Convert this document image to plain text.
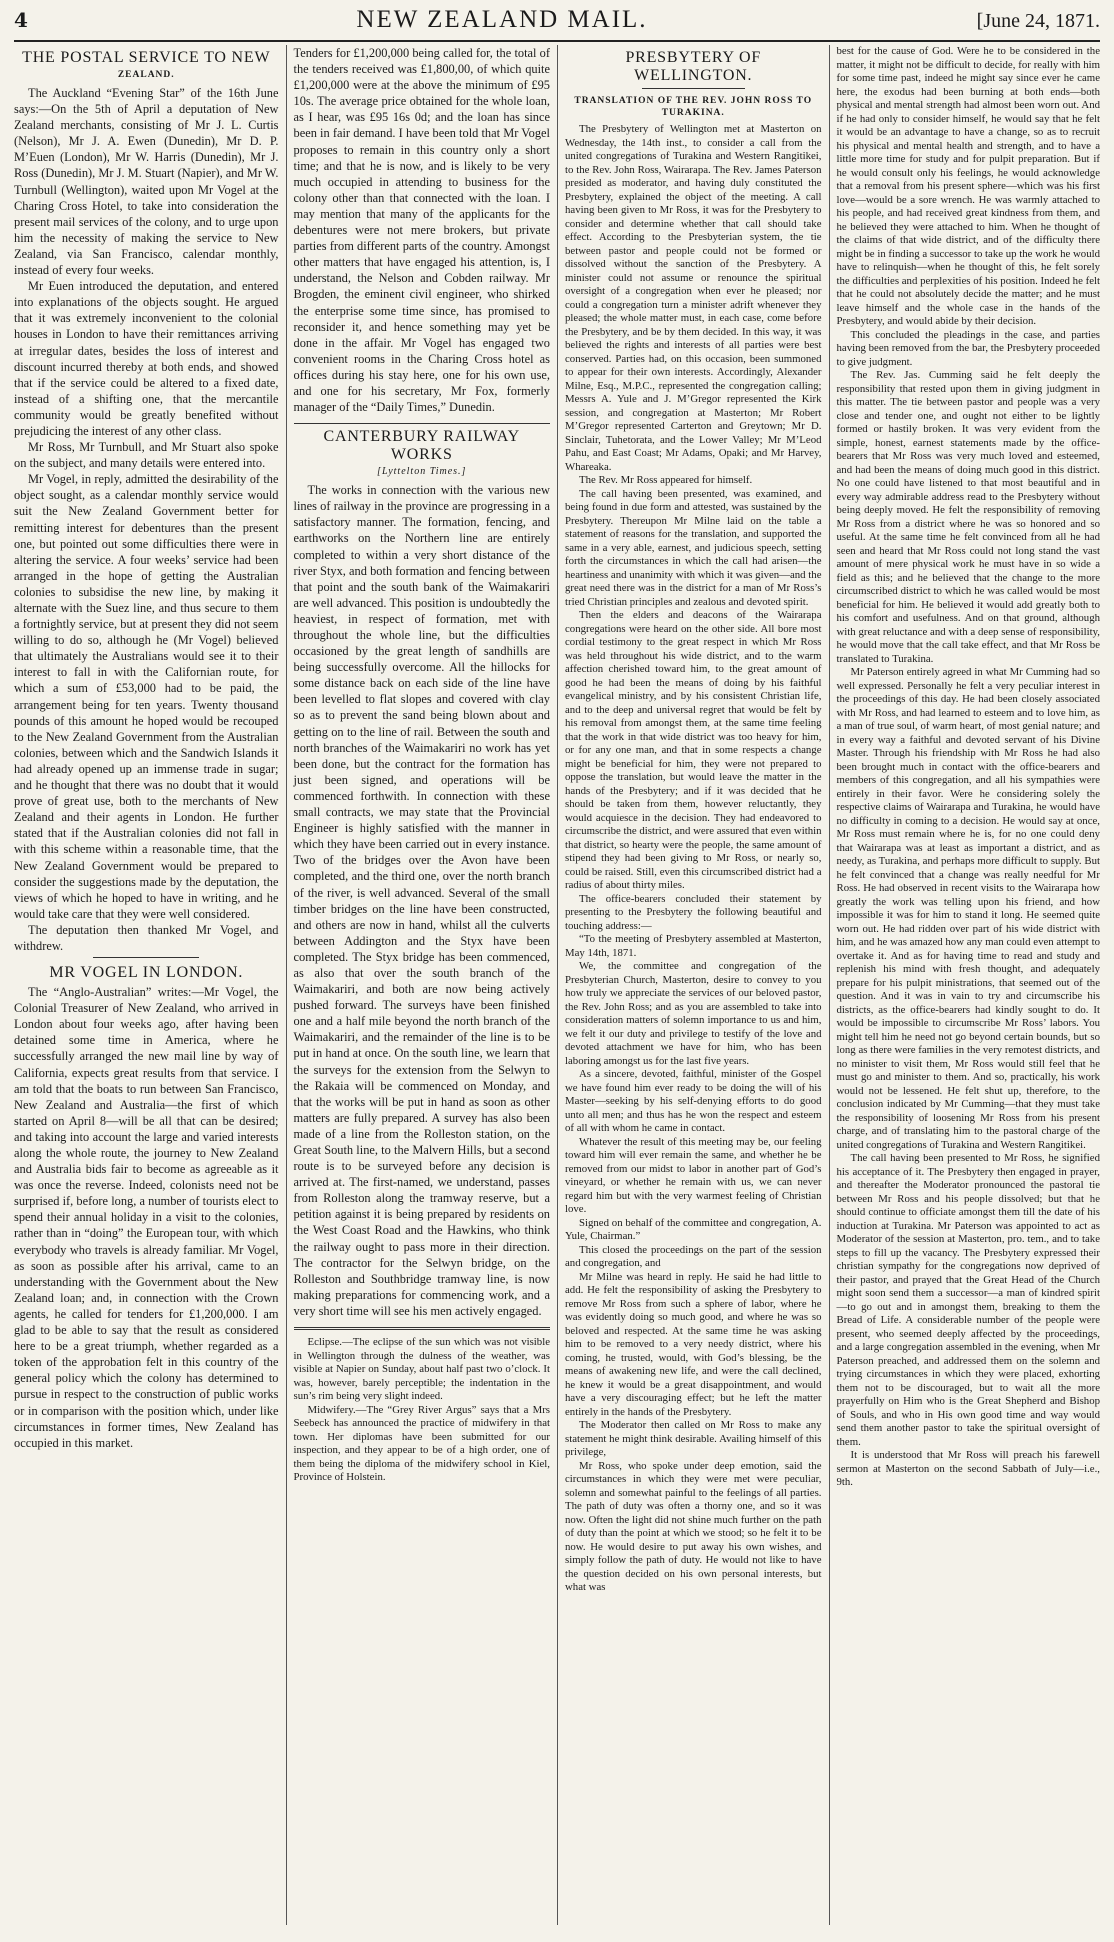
4	NEW ZEALAND MAIL.	[June 24, 1871.
THE POSTAL SERVICE TO NEW
ZEALAND.

The Auckland “Evening Star” of the 16th June says:—On the 5th of April a deputation of New Zealand merchants, consisting of Mr J. L. Curtis (Nelson), Mr J. A. Ewen (Dunedin), Mr D. P. M’Euen (London), Mr W. Harris (Dunedin), Mr J. Ross (Dunedin), Mr J. M. Stuart (Napier), and Mr W. Turnbull (Wellington), waited upon Mr Vogel at the Charing Cross Hotel, to take into consideration the present mail services of the colony, and to urge upon him the necessity of making the service to New Zealand, via San Francisco, calendar monthly, instead of every four weeks.

Mr Euen introduced the deputation, and entered into explanations of the objects sought. He argued that it was extremely inconvenient to the colonial houses in London to have their remittances arriving at irregular dates, besides the loss of interest and discount incurred thereby at both ends, and showed that if the service could be altered to a fixed date, instead of a shifting one, that the mercantile community would be greatly benefited without prejudicing the interest of any other class.

Mr Ross, Mr Turnbull, and Mr Stuart also spoke on the subject, and many details were entered into.

Mr Vogel, in reply, admitted the desirability of the object sought, as a calendar monthly service would suit the New Zealand Government better for remitting interest for debentures than the present one, but pointed out some difficulties there were in altering the service. A four weeks’ service had been arranged in the hope of getting the Australian colonies to subsidise the new line, by making it alternate with the Suez line, and thus secure to them a fortnightly service, but at present they did not seem willing to do so, although he (Mr Vogel) believed that ultimately the Australians would see it to their interest to fall in with the Californian route, for which a sum of £53,000 had to be paid, the arrangement being for ten years. Twenty thousand pounds of this amount he hoped would be recouped to the New Zealand Government from the Australian colonies, between which and the Sandwich Islands it had already opened up an immense trade in sugar; and he thought that there was no doubt that it would prove of great use, both to the merchants of New Zealand and their agents in London. He further stated that if the Australian colonies did not fall in with this scheme within a reasonable time, that the New Zealand Government would be prepared to consider the suggestions made by the deputation, the views of which he hoped to have in writing, and he would take care that they were well considered.

The deputation then thanked Mr Vogel, and withdrew.

MR VOGEL IN LONDON.

The “Anglo-Australian” writes:—Mr Vogel, the Colonial Treasurer of New Zealand, who arrived in London about four weeks ago, after having been detained some time in America, where he successfully arranged the new mail line by way of California, expects great results from that service. I am told that the boats to run between San Francisco, New Zealand and Australia—the first of which started on April 8—will be all that can be desired; and taking into account the large and varied interests along the whole route, the journey to New Zealand and Australia bids fair to become as agreeable as it was once the reverse. Indeed, colonists need not be surprised if, before long, a number of tourists elect to spend their annual holiday in a visit to the colonies, rather than in “doing” the European tour, with which everybody who travels is already familiar. Mr Vogel, as soon as possible after his arrival, came to an understanding with the Government about the New Zealand loan; and, in connection with the Crown agents, he called for tenders for £1,200,000. I am glad to be able to say that the result as considered here to be a great triumph, whether regarded as a token of the approbation felt in this country of the general policy which the colony has determined to pursue in respect to the construction of public works or in comparison with the position which, under like circumstances in former times, New Zealand has occupied in this market.

Tenders for £1,200,000 being called for, the total of the tenders received was £1,800,00, of which quite £1,200,000 were at the above the minimum of £95 10s. The average price obtained for the whole loan, as I hear, was £95 16s 0d; and the loan has since been in fair demand. I have been told that Mr Vogel proposes to remain in this country only a short time; and that he is now, and is likely to be very much occupied in attending to business for the colony other than that connected with the loan. I may mention that many of the applicants for the debentures were not mere brokers, but private parties from different parts of the country. Amongst other matters that have engaged his attention, is, I understand, the Nelson and Cobden railway. Mr Brogden, the eminent civil engineer, who shirked the enterprise some time since, has promised to reconsider it, and hence something may yet be done in the affair. Mr Vogel has engaged two convenient rooms in the Charing Cross hotel as offices during his stay here, one for his own use, and one for his secretary, Mr Fox, formerly manager of the “Daily Times,” Dunedin.

CANTERBURY RAILWAY WORKS
[Lyttelton Times.]

The works in connection with the various new lines of railway in the province are progressing in a satisfactory manner. The formation, fencing, and earthworks on the Northern line are entirely completed to within a very short distance of the river Styx, and both formation and fencing between that point and the south bank of the Waimakariri are well advanced. This position is undoubtedly the heaviest, in respect of formation, met with throughout the whole line, but the difficulties occasioned by the great length of sandhills are being successfully overcome. All the hillocks for some distance back on each side of the line have been levelled to flat slopes and covered with clay so as to prevent the sand being blown about and getting on to the line of rail. Between the south and north branches of the Waimakariri no work has yet been done, but the contract for the formation has just been signed, and operations will be commenced forthwith. In connection with these small contracts, we may state that the Provincial Engineer is highly satisfied with the manner in which they have been carried out in every instance. Two of the bridges over the Avon have been completed, and the third one, over the north branch of the river, is well advanced. Several of the small timber bridges on the line have been constructed, and others are now in hand, whilst all the culverts between Addington and the Styx have been completed. The Styx bridge has been commenced, as also that over the south branch of the Waimakariri, and both are now being actively pushed forward. The surveys have been finished one and a half mile beyond the north branch of the Waimakariri, and the remainder of the line is to be put in hand at once. On the south line, we learn that the surveys for the extension from the Selwyn to the Rakaia will be commenced on Monday, and that the works will be put in hand as soon as other matters are fully prepared. A survey has also been made of a line from the Rolleston station, on the Great South line, to the Malvern Hills, but a second route is to be surveyed before any decision is arrived at. The first-named, we understand, passes from Rolleston along the tramway reserve, but a petition against it is being prepared by residents on the West Coast Road and the Hawkins, who think the railway ought to pass more in their direction. The contractor for the Selwyn bridge, on the Rolleston and Southbridge tramway line, is now making preparations for commencing work, and a very short time will see his men actively engaged.

Eclipse.—The eclipse of the sun which was not visible in Wellington through the dulness of the weather, was visible at Napier on Sunday, about half past two o’clock. It was, however, barely perceptible; the indentation in the sun’s rim being very slight indeed.

Midwifery.—The “Grey River Argus” says that a Mrs Seebeck has announced the practice of midwifery in that town. Her diplomas have been submitted for our inspection, and they appear to be of a high order, one of them being the diploma of the midwifery school in Kiel, Province of Holstein.

PRESBYTERY OF WELLINGTON.
TRANSLATION OF THE REV. JOHN ROSS TO TURAKINA.

The Presbytery of Wellington met at Masterton on Wednesday, the 14th inst., to consider a call from the united congregations of Turakina and Western Rangitikei, to the Rev. John Ross, Wairarapa. The Rev. James Paterson presided as moderator, and having duly constituted the Presbytery, explained the object of the meeting. A call having been given to Mr Ross, it was for the Presbytery to consider and determine whether that call should take effect. According to the Presbyterian system, the tie between pastor and people could not be formed or dissolved without the sanction of the Presbytery. A minister could not assume or renounce the spiritual oversight of a congregation when ever he pleased; nor could a congregation turn a minister adrift whenever they pleased; the whole matter must, in each case, come before the Presbytery, and be by them decided. In this way, it was believed the rights and interests of all parties were best conserved. Parties had, on this occasion, been summoned to appear for their own interests. Accordingly, Alexander Milne, Esq., M.P.C., represented the congregation calling; Messrs A. Yule and J. M’Gregor represented the Kirk session, and congregation at Masterton; Mr Robert M’Gregor represented Carterton and Greytown; Mr D. Sinclair, Tuhetorata, and the Lower Valley; Mr M’Leod Pahu, and East Coast; Mr Adams, Opaki; and Mr Harvey, Whareaka.

The Rev. Mr Ross appeared for himself.

The call having been presented, was examined, and being found in due form and attested, was sustained by the Presbytery. Thereupon Mr Milne laid on the table a statement of reasons for the translation, and supported the same in a very able, earnest, and judicious speech, setting forth the circumstances in which the call had arisen—the heartiness and unanimity with which it was given—and the great need there was in the district for a man of Mr Ross’s tried Christian principles and zealous and devoted spirit.

Then the elders and deacons of the Wairarapa congregations were heard on the other side. All bore most cordial testimony to the great respect in which Mr Ross was held throughout his wide district, and to the warm affection cherished toward him, to the great amount of good he had been the means of doing by his faithful evangelical ministry, and by his consistent Christian life, and to the deep and universal regret that would be felt by his removal from amongst them, at the same time feeling that the work in that wide district was too heavy for him, or for any one man, and that in some respects a change might be beneficial for him, they were not prepared to oppose the translation, but would leave the matter in the hands of the Presbytery; and if it was decided that he should be taken from them, however reluctantly, they would acquiesce in the decision. They had endeavored to circumscribe the district, and were assured that even within that district, so hearty were the people, the same amount of stipend they had been giving to Mr Ross, or nearly so, could be raised. Still, even this circumscribed district had a radius of about thirty miles.

The office-bearers concluded their statement by presenting to the Presbytery the following beautiful and touching address:—

“To the meeting of Presbytery assembled at Masterton, May 14th, 1871.

We, the committee and congregation of the Presbyterian Church, Masterton, desire to convey to you how truly we appreciate the services of our beloved pastor, the Rev. John Ross; and as you are assembled to take into consideration matters of solemn importance to us and him, we felt it our duty and privilege to testify of the love and devoted attachment we have for him, who has been laboring amongst us for the last five years.

As a sincere, devoted, faithful, minister of the Gospel we have found him ever ready to be doing the will of his Master—seeking by his self-denying efforts to do good unto all men; and thus has he won the respect and esteem of all with whom he came in contact.

Whatever the result of this meeting may be, our feeling toward him will ever remain the same, and whether he be removed from our midst to labor in another part of God’s vineyard, or whether he remain with us, we can never regard him but with the very warmest feeling of Christian love.

Signed on behalf of the committee and congregation, A. Yule, Chairman.”

This closed the proceedings on the part of the session and congregation, and

Mr Milne was heard in reply. He said he had little to add. He felt the responsibility of asking the Presbytery to remove Mr Ross from such a sphere of labor, where he was evidently doing so much good, and where he was so beloved and respected. At the same time he was asking him to be removed to a very needy district, where his coming, he trusted, would, with God’s blessing, be the means of awakening new life, and were the call declined, he knew it would be a great disappointment, and would have a very discouraging effect; but he left the matter entirely in the hands of the Presbytery.

The Moderator then called on Mr Ross to make any statement he might think desirable. Availing himself of this privilege,

Mr Ross, who spoke under deep emotion, said the circumstances in which they were met were peculiar, solemn and somewhat painful to the feelings of all parties. The path of duty was often a thorny one, and so it was now. Often the light did not shine much further on the path of duty than the point at which we stood; so he felt it to be now. He would desire to put away his own wishes, and simply follow the path of duty. He would not like to have the question decided on his own personal interests, but what was

best for the cause of God. Were he to be considered in the matter, it might not be difficult to decide, for really with him for some time past, indeed he might say since ever he came here, the exodus had been burning at both ends—both physical and mental strength had almost been worn out. And if he had only to consider himself, he would say that he felt it would be an advantage to have a change, so as to recruit his physical and mental health and strength, and to have a little more time for study and for pulpit preparation. But if he would consult only his feelings, he would acknowledge that a removal from his present sphere—which was his first love—would be a sore wrench. He was warmly attached to his people, and had received great kindness from them, and he believed they were attached to him. When he thought of the claims of that wide district, and of the difficulty there might be in finding a successor to take up the work he would have to relinquish—when he thought of this, he felt sorely the difficulties and perplexities of his position. Indeed he felt that he could not absolutely decide the matter; and he must leave himself and the whole case in the hands of the Presbytery, and would abide by their decision.

This concluded the pleadings in the case, and parties having been removed from the bar, the Presbytery proceeded to give judgment.

The Rev. Jas. Cumming said he felt deeply the responsibility that rested upon them in giving judgment in this matter. The tie between pastor and people was a very close and tender one, and ought not either to be lightly formed or hastily broken. It was very evident from the simple, honest, earnest statements made by the office-bearers that Mr Ross was very much loved and esteemed, and had been the means of doing much good in this district. No one could have listened to that most beautiful and in every way admirable address read to the Presbytery without being deeply moved. He felt the responsibility of removing Mr Ross from a district where he was so honored and so useful. At the same time he felt convinced from all he had seen and heard that Mr Ross could not long stand the vast amount of mere physical work he must have in so wide a field as this; and he believed that the change to the more circumscribed district to which he was called would be most beneficial for him. He believed it would add greatly both to his comfort and usefulness. And on that ground, although with great reluctance and with a deep sense of responsibility, he would move that the call take effect, and that Mr Ross be translated to Turakina.

Mr Paterson entirely agreed in what Mr Cumming had so well expressed. Personally he felt a very peculiar interest in the proceedings of this day. He had been closely associated with Mr Ross, and had learned to esteem and to love him, as a man of true soul, of warm heart, of most genial nature; and in every way a faithful and devoted servant of his Divine Master. Through his friendship with Mr Ross he had also been brought much in contact with the office-bearers and members of this congregation, and all his sympathies were entirely in their favor. Were he considering solely the respective claims of Wairarapa and Turakina, he would have no difficulty in coming to a decision. He would say at once, Mr Ross must remain where he is, for no one could deny that Wairarapa was at least as important a district, and as needy, as Turakina, and perhaps more difficult to supply. But he felt convinced that a change was really needful for Mr Ross. He had observed in recent visits to the Wairarapa how greatly the work was telling upon his friend, and how impossible it was for him to stand it long. He seemed quite worn out. He had ridden over part of his wide district with him, and he was amazed how any man could even attempt to overtake it. And as for having time to read and study and replenish his mind with fresh thought, and adequately prepare for his pulpit ministrations, that seemed out of the question. And it was in vain to try and circumscribe his districts, as the office-bearers had kindly sought to do. It would be impossible to circumscribe Mr Ross’ labors. You might tell him he need not go beyond certain bounds, but so long as there were families in the very remotest districts, and no minister to visit them, Mr Ross would still feel that he must go and minister to them. And so, practically, his work would not be lessened. He felt shut up, therefore, to the conclusion indicated by Mr Cumming—that they must take the responsibility of loosening Mr Ross from his present charge, and of translating him to the pastoral charge of the united congregations of Turakina and Western Rangitikei.

The call having been presented to Mr Ross, he signified his acceptance of it. The Presbytery then engaged in prayer, and thereafter the Moderator pronounced the pastoral tie between Mr Ross and his people dissolved; but that he should continue to officiate amongst them till the date of his induction at Turakina. Mr Paterson was appointed to act as Moderator of the session at Masterton, pro. tem., and to take steps to fill up the vacancy. The Presbytery expressed their christian sympathy for the congregations now deprived of their pastor, and prayed that the Great Head of the Church might soon send them a successor—a man of kindred spirit—to go out and in amongst them, breaking to them the Bread of Life. A considerable number of the people were present, who seemed deeply affected by the proceedings, and a large congregation assembled in the evening, when Mr Paterson preached, and addressed them on the solemn and trying circumstances in which they were placed, exhorting them not to be discouraged, but to wait all the more prayerfully on Him who is the Great Shepherd and Bishop of Souls, and who in His own good time and way would send them another pastor to take the spiritual oversight of them.

It is understood that Mr Ross will preach his farewell sermon at Masterton on the second Sabbath of July—i.e., 9th.
